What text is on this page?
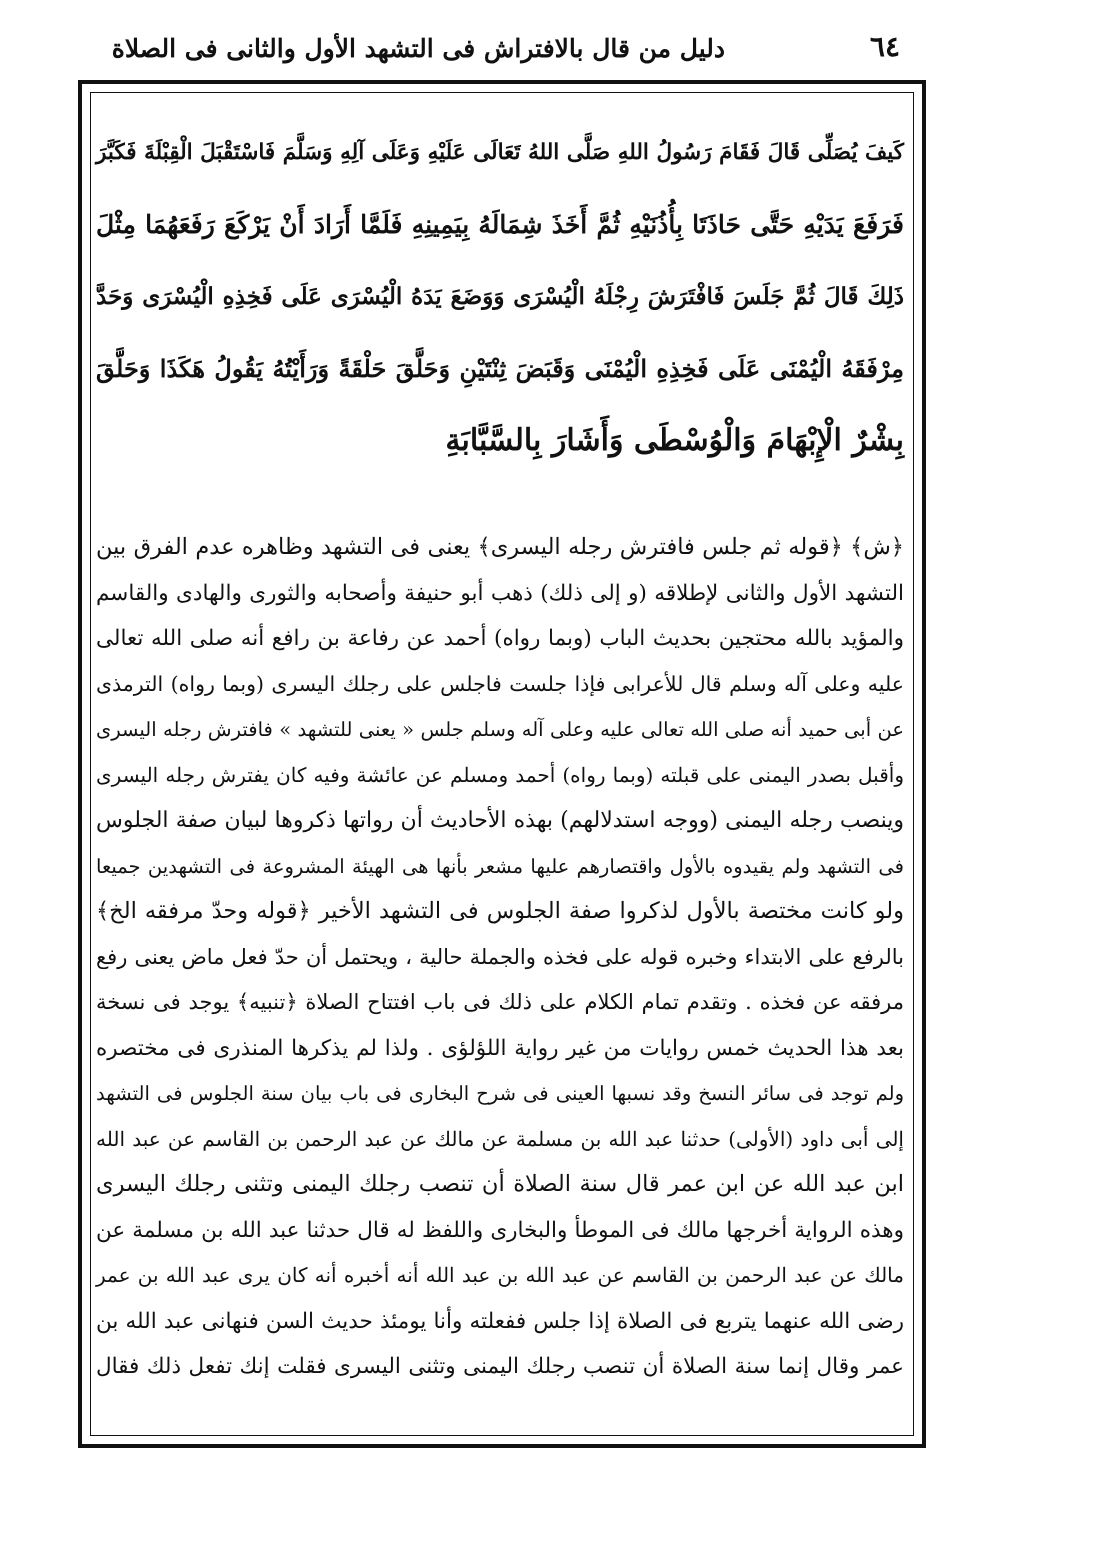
٦٤
دليل من قال بالافتراش فى التشهد الأول والثانى فى الصلاة
كَيفَ يُصَلِّى قَالَ فَقَامَ رَسُولُ اللهِ صَلَّى اللهُ تَعَالَى عَلَيْهِ وَعَلَى آلِهِ وَسَلَّمَ فَاسْتَقْبَلَ الْقِبْلَةَ فَكَبَّرَ
فَرَفَعَ يَدَيْهِ حَتَّى حَاذَتَا بِأُذُنَيْهِ ثُمَّ أَخَذَ شِمَالَهُ بِيَمِينِهِ فَلَمَّا أَرَادَ أَنْ يَرْكَعَ رَفَعَهُمَا مِثْلَ
ذَلِكَ قَالَ ثُمَّ جَلَسَ فَافْتَرَشَ رِجْلَهُ الْيُسْرَى وَوَضَعَ يَدَهُ الْيُسْرَى عَلَى فَخِذِهِ الْيُسْرَى وَحَدَّ
مِرْفَقَهُ الْيُمْنَى عَلَى فَخِذِهِ الْيُمْنَى وَقَبَضَ ثِنْتَيْنِ وَحَلَّقَ حَلْقَةً وَرَأَيْتُهُ يَقُولُ هَكَذَا وَحَلَّقَ
بِشْرٌ الْإِبْهَامَ وَالْوُسْطَى وَأَشَارَ بِالسَّبَّابَةِ
﴿ش﴾ ﴿قوله ثم جلس فافترش رجله اليسرى﴾ يعنى فى التشهد وظاهره عدم الفرق بين
التشهد الأول والثانى لإطلاقه (و إلى ذلك) ذهب أبو حنيفة وأصحابه والثورى والهادى والقاسم
والمؤيد بالله محتجين بحديث الباب (وبما رواه) أحمد عن رفاعة بن رافع أنه صلى الله تعالى
عليه وعلى آله وسلم قال للأعرابى فإذا جلست فاجلس على رجلك اليسرى (وبما رواه) الترمذى
عن أبى حميد أنه صلى الله تعالى عليه وعلى آله وسلم جلس « يعنى للتشهد » فافترش رجله اليسرى
وأقبل بصدر اليمنى على قبلته (وبما رواه) أحمد ومسلم عن عائشة وفيه كان يفترش رجله اليسرى
وينصب رجله اليمنى (ووجه استدلالهم) بهذه الأحاديث أن رواتها ذكروها لبيان صفة الجلوس
فى التشهد ولم يقيدوه بالأول واقتصارهم عليها مشعر بأنها هى الهيئة المشروعة فى التشهدين جميعا
ولو كانت مختصة بالأول لذكروا صفة الجلوس فى التشهد الأخير ﴿قوله وحدّ مرفقه الخ﴾
بالرفع على الابتداء وخبره قوله على فخذه والجملة حالية ، ويحتمل أن حدّ فعل ماض يعنى رفع
مرفقه عن فخذه . وتقدم تمام الكلام على ذلك فى باب افتتاح الصلاة ﴿تنبيه﴾ يوجد فى نسخة
بعد هذا الحديث خمس روايات من غير رواية اللؤلؤى . ولذا لم يذكرها المنذرى فى مختصره
ولم توجد فى سائر النسخ وقد نسبها العينى فى شرح البخارى فى باب بيان سنة الجلوس فى التشهد
إلى أبى داود (الأولى) حدثنا عبد الله بن مسلمة عن مالك عن عبد الرحمن بن القاسم عن عبد الله
ابن عبد الله عن ابن عمر قال سنة الصلاة أن تنصب رجلك اليمنى وتثنى رجلك اليسرى
وهذه الرواية أخرجها مالك فى الموطأ والبخارى واللفظ له قال حدثنا عبد الله بن مسلمة عن
مالك عن عبد الرحمن بن القاسم عن عبد الله بن عبد الله أنه أخبره أنه كان يرى عبد الله بن عمر
رضى الله عنهما يتربع فى الصلاة إذا جلس ففعلته وأنا يومئذ حديث السن فنهانى عبد الله بن
عمر وقال إنما سنة الصلاة أن تنصب رجلك اليمنى وتثنى اليسرى فقلت إنك تفعل ذلك فقال
